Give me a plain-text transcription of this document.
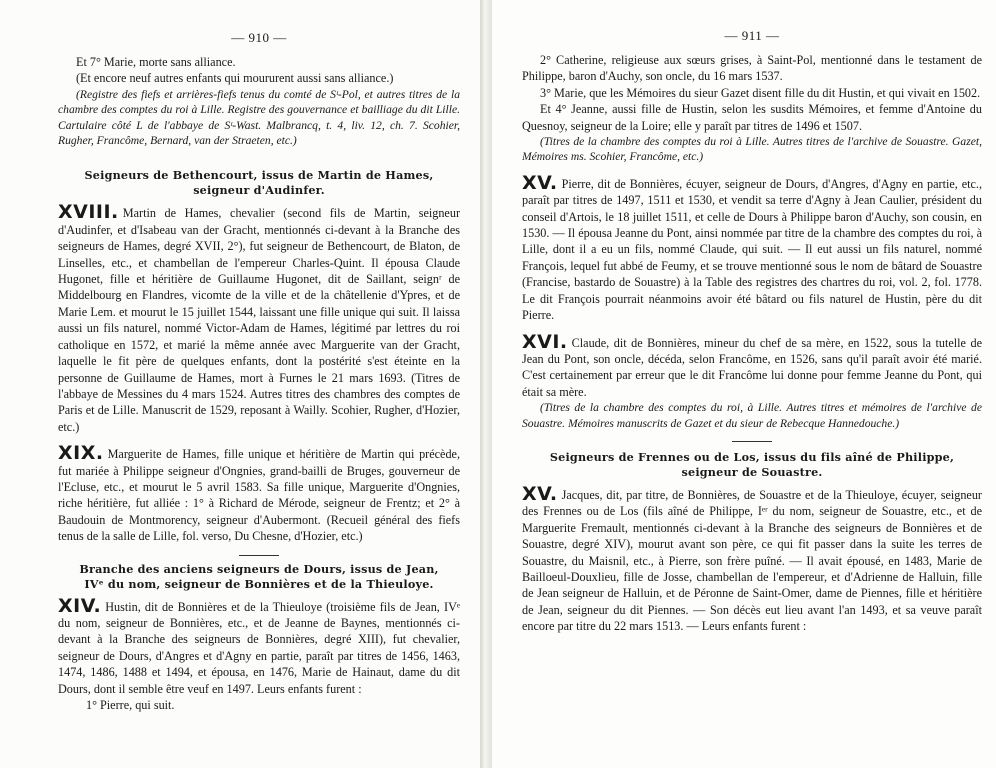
— 910 —

Et 7° Marie, morte sans alliance.

(Et encore neuf autres enfants qui moururent aussi sans alliance.)

(Registre des fiefs et arrières-fiefs tenus du comté de Sᵗ-Pol, et autres titres de la chambre des comptes du roi à Lille. Registre des gouvernance et bailliage du dit Lille. Cartulaire côté L de l'abbaye de Sᵗ-Wast. Malbrancq, t. 4, liv. 12, ch. 7. Scohier, Rugher, Francôme, Bernard, van der Straeten, etc.)

Seigneurs de Bethencourt, issus de Martin de Hames, seigneur d'Audinfer.

XVIII. Martin de Hames, chevalier (second fils de Martin, seigneur d'Audinfer, et d'Isabeau van der Gracht, mentionnés ci-devant à la Branche des seigneurs de Hames, degré XVII, 2°), fut seigneur de Bethencourt, de Blaton, de Linselles, etc., et chambellan de l'empereur Charles-Quint. Il épousa Claude Hugonet, fille et héritière de Guillaume Hugonet, dit de Saillant, seignʳ de Middelbourg en Flandres, vicomte de la ville et de la châtellenie d'Ypres, et de Marie Lem. et mourut le 15 juillet 1544, laissant une fille unique qui suit. Il laissa aussi un fils naturel, nommé Victor-Adam de Hames, légitimé par lettres du roi catholique en 1572, et marié la même année avec Marguerite van der Gracht, laquelle le fit père de quelques enfants, dont la postérité s'est éteinte en la personne de Guillaume de Hames, mort à Furnes le 21 mars 1693. (Titres de l'abbaye de Messines du 4 mars 1524. Autres titres des chambres des comptes de Paris et de Lille. Manuscrit de 1529, reposant à Wailly. Scohier, Rugher, d'Hozier, etc.)

XIX. Marguerite de Hames, fille unique et héritière de Martin qui précède, fut mariée à Philippe seigneur d'Ongnies, grand-bailli de Bruges, gouverneur de l'Ecluse, etc., et mourut le 5 avril 1583. Sa fille unique, Marguerite d'Ongnies, riche héritière, fut alliée : 1° à Richard de Mérode, seigneur de Frentz; et 2° à Baudouin de Montmorency, seigneur d'Aubermont. (Recueil général des fiefs tenus de la salle de Lille, fol. verso, Du Chesne, d'Hozier, etc.)

Branche des anciens seigneurs de Dours, issus de Jean, IVᵉ du nom, seigneur de Bonnières et de la Thieuloye.

XIV. Hustin, dit de Bonnières et de la Thieuloye (troisième fils de Jean, IVᵉ du nom, seigneur de Bonnières, etc., et de Jeanne de Baynes, mentionnés ci-devant à la Branche des seigneurs de Bonnières, degré XIII), fut chevalier, seigneur de Dours, d'Angres et d'Agny en partie, paraît par titres de 1456, 1463, 1474, 1486, 1488 et 1494, et épousa, en 1476, Marie de Hainaut, dame du dit Dours, dont il semble être veuf en 1497. Leurs enfants furent :

1° Pierre, qui suit.

— 911 —

2° Catherine, religieuse aux sœurs grises, à Saint-Pol, mentionné dans le testament de Philippe, baron d'Auchy, son oncle, du 16 mars 1537.

3° Marie, que les Mémoires du sieur Gazet disent fille du dit Hustin, et qui vivait en 1502.

Et 4° Jeanne, aussi fille de Hustin, selon les susdits Mémoires, et femme d'Antoine du Quesnoy, seigneur de la Loire; elle y paraît par titres de 1496 et 1507.

(Titres de la chambre des comptes du roi à Lille. Autres titres de l'archive de Souastre. Gazet, Mémoires ms. Scohier, Francôme, etc.)

XV. Pierre, dit de Bonnières, écuyer, seigneur de Dours, d'Angres, d'Agny en partie, etc., paraît par titres de 1497, 1511 et 1530, et vendit sa terre d'Agny à Jean Caulier, président du conseil d'Artois, le 18 juillet 1511, et celle de Dours à Philippe baron d'Auchy, son cousin, en 1530. — Il épousa Jeanne du Pont, ainsi nommée par titre de la chambre des comptes du roi, à Lille, dont il a eu un fils, nommé Claude, qui suit. — Il eut aussi un fils naturel, nommé François, lequel fut abbé de Feumy, et se trouve mentionné sous le nom de bâtard de Souastre (Francise, bastardo de Souastre) à la Table des registres des chartres du roi, vol. 2, fol. 1778. Le dit François pourrait néanmoins avoir été bâtard ou fils naturel de Hustin, père du dit Pierre.

XVI. Claude, dit de Bonnières, mineur du chef de sa mère, en 1522, sous la tutelle de Jean du Pont, son oncle, décéda, selon Francôme, en 1526, sans qu'il paraît avoir été marié. C'est certainement par erreur que le dit Francôme lui donne pour femme Jeanne du Pont, qui était sa mère.

(Titres de la chambre des comptes du roi, à Lille. Autres titres et mémoires de l'archive de Souastre. Mémoires manuscrits de Gazet et du sieur de Rebecque Hannedouche.)

Seigneurs de Frennes ou de Los, issus du fils aîné de Philippe, seigneur de Souastre.

XV. Jacques, dit, par titre, de Bonnières, de Souastre et de la Thieuloye, écuyer, seigneur des Frennes ou de Los (fils aîné de Philippe, Iᵉʳ du nom, seigneur de Souastre, etc., et de Marguerite Fremault, mentionnés ci-devant à la Branche des seigneurs de Bonnières et de Souastre, degré XIV), mourut avant son père, ce qui fit passer dans la suite les terres de Souastre, du Maisnil, etc., à Pierre, son frère puîné. — Il avait épousé, en 1483, Marie de Bailloeul-Douxlieu, fille de Josse, chambellan de l'empereur, et d'Adrienne de Halluin, fille de Jean seigneur de Halluin, et de Péronne de Saint-Omer, dame de Piennes, fille et héritière de Jean, seigneur du dit Piennes. — Son décès eut lieu avant l'an 1493, et sa veuve paraît encore par titre du 22 mars 1513. — Leurs enfants furent :
